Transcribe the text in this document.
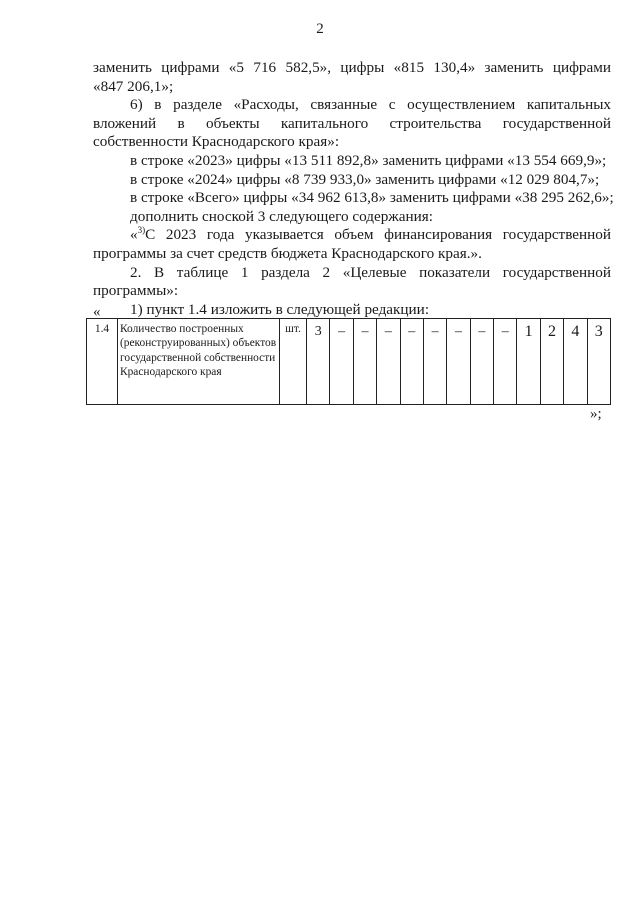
2

заменить цифрами «5 716 582,5», цифры «815 130,4» заменить цифрами

«847 206,1»;

6) в разделе «Расходы, связанные с осуществлением капитальных вложений в объекты капитального строительства государственной собственности Краснодарского края»:

в строке «2023» цифры «13 511 892,8» заменить цифрами «13 554 669,9»;

в строке «2024» цифры «8 739 933,0» заменить цифрами «12 029 804,7»;

в строке «Всего» цифры «34 962 613,8» заменить цифрами «38 295 262,6»;

дополнить сноской 3 следующего содержания:

«$^{3)}$С 2023 года указывается объем финансирования государственной программы за счет средств бюджета Краснодарского края.».

2. В таблице 1 раздела 2 «Целевые показатели государственной программы»:

1) пункт 1.4 изложить в следующей редакции:

«
1.4	Количество построенных (реконструированных) объектов государственной собственности Краснодарского края	шт.	3	–	–	–	–	–	–	–	–	1	2	4	3
»;
